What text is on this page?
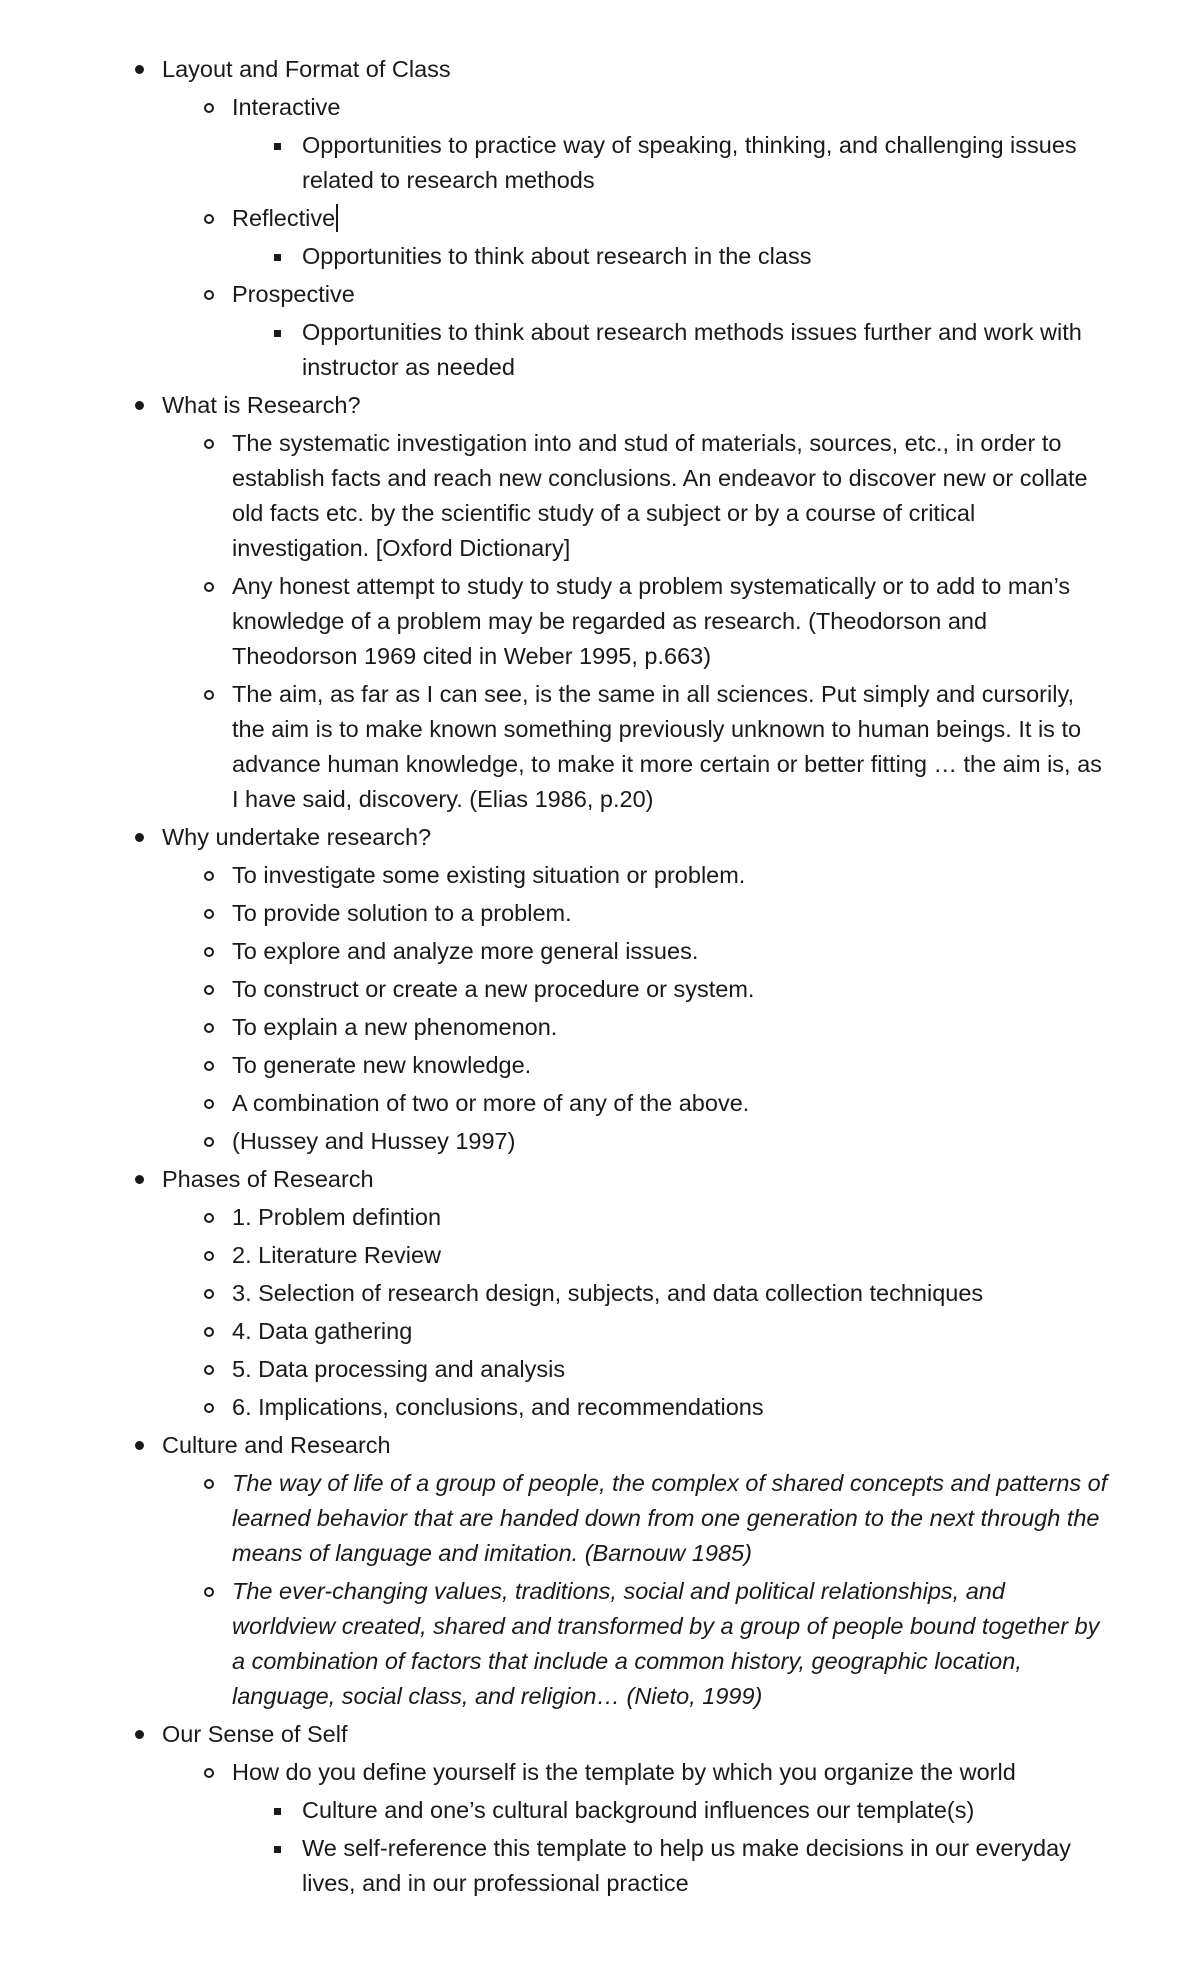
Layout and Format of Class
Interactive
Opportunities to practice way of speaking, thinking, and challenging issues related to research methods
Reflective
Opportunities to think about research in the class
Prospective
Opportunities to think about research methods issues further and work with instructor as needed
What is Research?
The systematic investigation into and stud of materials, sources, etc., in order to establish facts and reach new conclusions. An endeavor to discover new or collate old facts etc. by the scientific study of a subject or by a course of critical investigation. [Oxford Dictionary]
Any honest attempt to study to study a problem systematically or to add to man’s knowledge of a problem may be regarded as research. (Theodorson and Theodorson 1969 cited in Weber 1995, p.663)
The aim, as far as I can see, is the same in all sciences. Put simply and cursorily, the aim is to make known something previously unknown to human beings. It is to advance human knowledge, to make it more certain or better fitting … the aim is, as I have said, discovery. (Elias 1986, p.20)
Why undertake research?
To investigate some existing situation or problem.
To provide solution to a problem.
To explore and analyze more general issues.
To construct or create a new procedure or system.
To explain a new phenomenon.
To generate new knowledge.
A combination of two or more of any of the above.
(Hussey and Hussey 1997)
Phases of Research
1. Problem defintion
2. Literature Review
3. Selection of research design, subjects, and data collection techniques
4. Data gathering
5. Data processing and analysis
6. Implications, conclusions, and recommendations
Culture and Research
The way of life of a group of people, the complex of shared concepts and patterns of learned behavior that are handed down from one generation to the next through the means of language and imitation. (Barnouw 1985)
The ever-changing values, traditions, social and political relationships, and worldview created, shared and transformed by a group of people bound together by a combination of factors that include a common history, geographic location, language, social class, and religion… (Nieto, 1999)
Our Sense of Self
How do you define yourself is the template by which you organize the world
Culture and one’s cultural background influences our template(s)
We self-reference this template to help us make decisions in our everyday lives, and in our professional practice
